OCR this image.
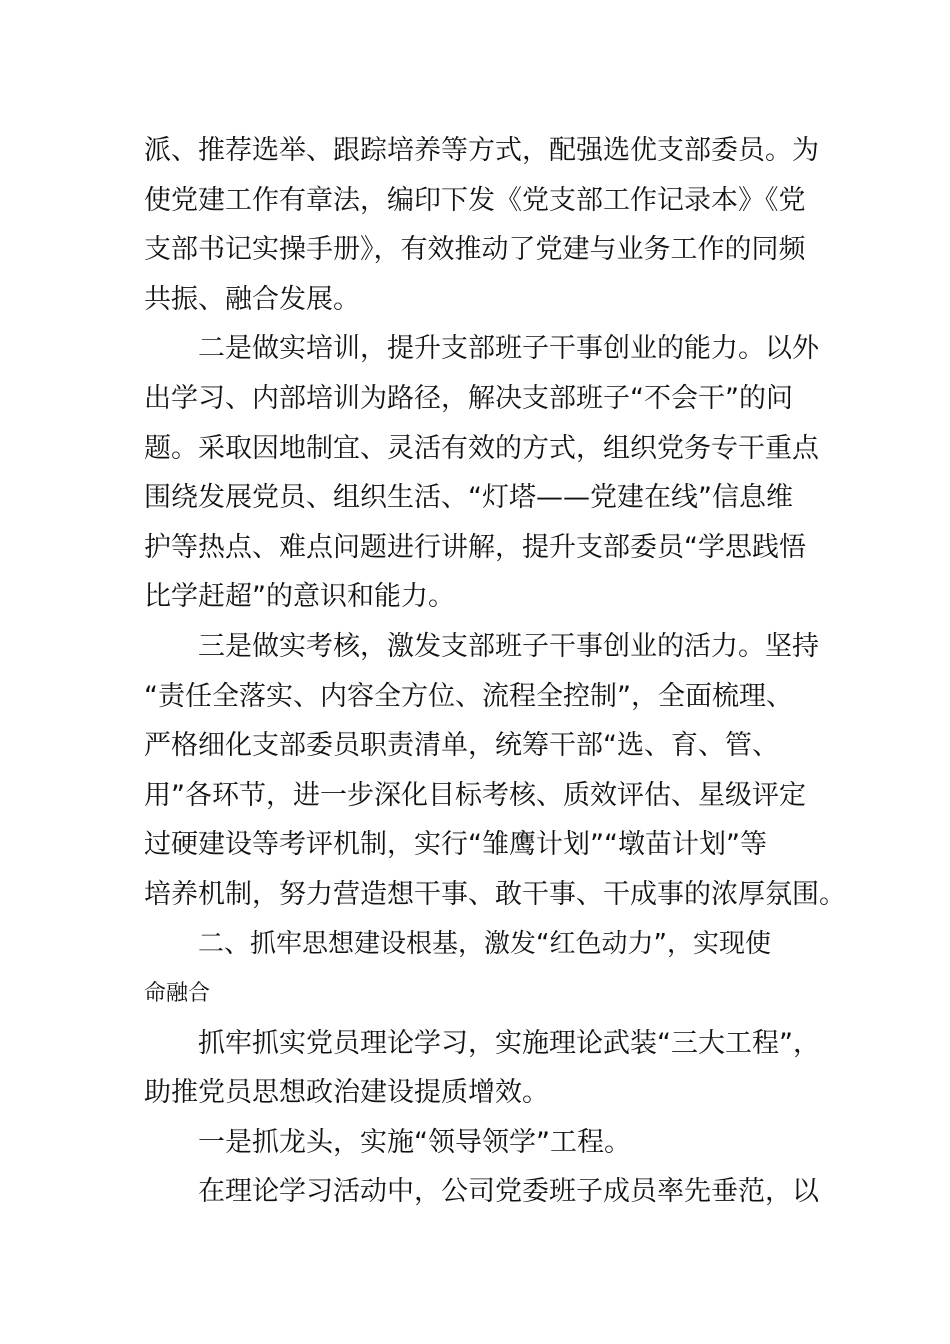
派、推荐选举、跟踪培养等方式，配强选优支部委员。为
使党建工作有章法，编印下发《党支部工作记录本》《党
支部书记实操手册》，有效推动了党建与业务工作的同频
共振、融合发展。
二是做实培训，提升支部班子干事创业的能力。以外
出学习、内部培训为路径，解决支部班子“不会干”的问
题。采取因地制宜、灵活有效的方式，组织党务专干重点
围绕发展党员、组织生活、“灯塔——党建在线”信息维
护等热点、难点问题进行讲解，提升支部委员“学思践悟
比学赶超”的意识和能力。
三是做实考核，激发支部班子干事创业的活力。坚持
“责任全落实、内容全方位、流程全控制”，全面梳理、
严格细化支部委员职责清单，统筹干部“选、育、管、
用”各环节，进一步深化目标考核、质效评估、星级评定
过硬建设等考评机制，实行“雏鹰计划”“墩苗计划”等
培养机制，努力营造想干事、敢干事、干成事的浓厚氛围。
二、抓牢思想建设根基，激发“红色动力”，实现使
命融合
抓牢抓实党员理论学习，实施理论武装“三大工程”，
助推党员思想政治建设提质增效。
一是抓龙头，实施“领导领学”工程。
在理论学习活动中，公司党委班子成员率先垂范，以
